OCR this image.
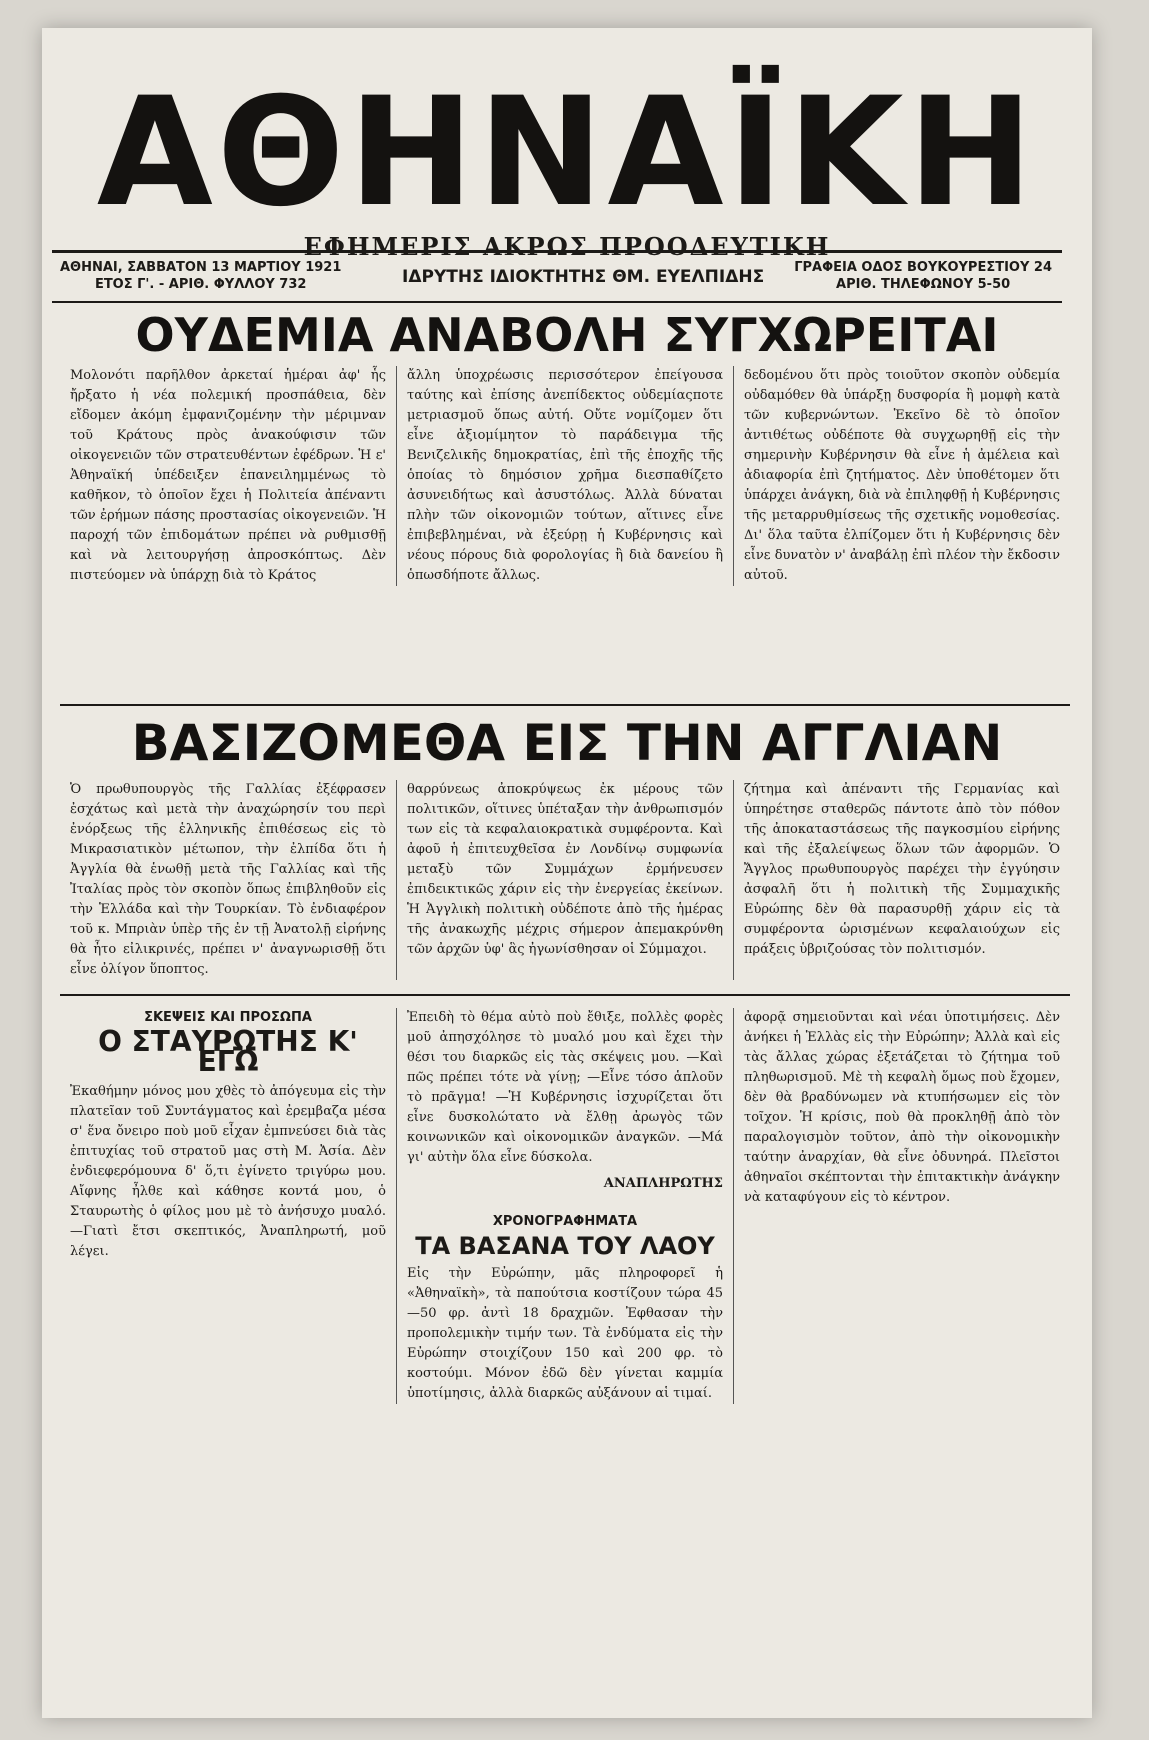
ΑΘΗΝΑΪΚΗ
ΕΦΗΜΕΡΙΣ ΑΚΡΩΣ ΠΡΟΟΔΕΥΤΙΚΗ
ΑΘΗΝΑΙ, ΣΑΒΒΑΤΟΝ 13 ΜΑΡΤΙΟΥ 1921
ΕΤΟΣ Γ'. - ΑΡΙΘ. ΦΥΛΛΟΥ 732	ΙΔΡΥΤΗΣ ΙΔΙΟΚΤΗΤΗΣ ΘΜ. ΕΥΕΛΠΙΔΗΣ ΓΡΑΦΕΙΑ ΟΔΟΣ ΒΟΥΚΟΥΡΕΣΤΙΟΥ 24
ΑΡΙΘ. ΤΗΛΕΦΩΝΟΥ 5-50
ΟΥΔΕΜΙΑ ΑΝΑΒΟΛΗ ΣΥΓΧΩΡΕΙΤΑΙ
Μολονότι παρῆλθον ἀρκεταί ἡμέραι ἀφ' ἧς ἤρξατο ἡ νέα πολεμική προσπάθεια, δὲν εἴδομεν ἀκόμη ἐμφανιζομένην τὴν μέριμναν τοῦ Κράτους πρὸς ἀνακούφισιν τῶν οἰκογενειῶν τῶν στρατευθέντων ἐφέδρων. Ἡ ε' Ἀθηναϊκή ὑπέδειξεν ἐπανειλημμένως τὸ καθῆκον, τὸ ὁποῖον ἔχει ἡ Πολιτεία ἀπέναντι τῶν ἐρήμων πάσης προστασίας οἰκογενειῶν. Ἡ παροχή τῶν ἐπιδομάτων πρέπει νὰ ρυθμισθῇ καὶ νὰ λειτουργήσῃ ἀπροσκόπτως. Δὲν πιστεύομεν νὰ ὑπάρχῃ διὰ τὸ Κράτος
ἄλλη ὑποχρέωσις περισσότερον ἐπείγουσα ταύτης καὶ ἐπίσης ἀνεπίδεκτος οὐδεμίαςποτε μετριασμοῦ ὅπως αὐτή. Οὔτε νομίζομεν ὅτι εἶνε ἀξιομίμητον τὸ παράδειγμα τῆς Βενιζελικῆς δημοκρατίας, ἐπὶ τῆς ἐποχῆς τῆς ὁποίας τὸ δημόσιον χρῆμα διεσπαθίζετο ἀσυνειδήτως καὶ ἀσυστόλως. Ἀλλὰ δύναται πλὴν τῶν οἰκονομιῶν τούτων, αἵτινες εἶνε ἐπιβεβλημέναι, νὰ ἐξεύρῃ ἡ Κυβέρνησις καὶ νέους πόρους διὰ φορολογίας ἢ διὰ δανείου ἢ ὁπωσδήποτε ἄλλως.
δεδομένου ὅτι πρὸς τοιοῦτον σκοπὸν οὐδεμία οὐδαμόθεν θὰ ὑπάρξῃ δυσφορία ἢ μομφὴ κατὰ τῶν κυβερνώντων. Ἐκεῖνο δὲ τὸ ὁποῖον ἀντιθέτως οὐδέποτε θὰ συγχωρηθῇ εἰς τὴν σημερινὴν Κυβέρνησιν θὰ εἶνε ἡ ἀμέλεια καὶ ἀδιαφορία ἐπὶ ζητήματος. Δὲν ὑποθέτομεν ὅτι ὑπάρχει ἀνάγκη, διὰ νὰ ἐπιληφθῇ ἡ Κυβέρνησις τῆς μεταρρυθμίσεως τῆς σχετικῆς νομοθεσίας. Δι' ὅλα ταῦτα ἐλπίζομεν ὅτι ἡ Κυβέρνησις δὲν εἶνε δυνατὸν ν' ἀναβάλῃ ἐπὶ πλέον τὴν ἔκδοσιν αὐτοῦ.
ΒΑΣΙΖΟΜΕΘΑ ΕΙΣ ΤΗΝ ΑΓΓΛΙΑΝ
Ὁ πρωθυπουργὸς τῆς Γαλλίας ἐξέφρασεν ἐσχάτως καὶ μετὰ τὴν ἀναχώρησίν του περὶ ἐνόρξεως τῆς ἑλληνικῆς ἐπιθέσεως εἰς τὸ Μικρασιατικὸν μέτωπον, τὴν ἐλπίδα ὅτι ἡ Ἀγγλία θὰ ἑνωθῇ μετὰ τῆς Γαλλίας καὶ τῆς Ἰταλίας πρὸς τὸν σκοπὸν ὅπως ἐπιβληθοῦν εἰς τὴν Ἑλλάδα καὶ τὴν Τουρκίαν. Τὸ ἐνδιαφέρον τοῦ κ. Μπριὰν ὑπὲρ τῆς ἐν τῇ Ἀνατολῇ εἰρήνης θὰ ἦτο εἰλικρινές, πρέπει ν' ἀναγνωρισθῇ ὅτι εἶνε ὀλίγον ὕποπτος.
θαρρύνεως ἀποκρύψεως ἐκ μέρους τῶν πολιτικῶν, οἵτινες ὑπέταξαν τὴν ἀνθρωπισμόν των εἰς τὰ κεφαλαιοκρατικὰ συμφέροντα. Καὶ ἀφοῦ ἡ ἐπιτευχθεῖσα ἐν Λονδίνῳ συμφωνία μεταξὺ τῶν Συμμάχων ἐρμήνευσεν ἐπιδεικτικῶς χάριν εἰς τὴν ἐνεργείας ἐκείνων. Ἡ Ἀγγλικὴ πολιτικὴ οὐδέποτε ἀπὸ τῆς ἡμέρας τῆς ἀνακωχῆς μέχρις σήμερον ἀπεμακρύνθη τῶν ἀρχῶν ὑφ' ἃς ἠγωνίσθησαν οἱ Σύμμαχοι.
ζήτημα καὶ ἀπέναντι τῆς Γερμανίας καὶ ὑπηρέτησε σταθερῶς πάντοτε ἀπὸ τὸν πόθον τῆς ἀποκαταστάσεως τῆς παγκοσμίου εἰρήνης καὶ τῆς ἐξαλείψεως ὅλων τῶν ἀφορμῶν. Ὁ Ἄγγλος πρωθυπουργὸς παρέχει τὴν ἐγγύησιν ἀσφαλῆ ὅτι ἡ πολιτικὴ τῆς Συμμαχικῆς Εὐρώπης δὲν θὰ παρασυρθῇ χάριν εἰς τὰ συμφέροντα ὡρισμένων κεφαλαιούχων εἰς πράξεις ὑβριζούσας τὸν πολιτισμόν.
ΣΚΕΨΕΙΣ ΚΑΙ ΠΡΟΣΩΠΑ
Ο ΣΤΑΥΡΩΤΗΣ Κ' ΕΓΩ
Ἐκαθήμην μόνος μου χθὲς τὸ ἀπόγευμα εἰς τὴν πλατεῖαν τοῦ Συντάγματος καὶ ἐρεμβαζα μέσα σ' ἕνα ὄνειρο ποὺ μοῦ εἶχαν ἐμπνεύσει διὰ τὰς ἐπιτυχίας τοῦ στρατοῦ μας στὴ Μ. Ἀσία. Δὲν ἐνδιεφερόμουνα δ' ὅ,τι ἐγίνετο τριγύρω μου. Αἴφνης ἦλθε καὶ κάθησε κοντά μου, ὁ Σταυρωτὴς ὁ φίλος μου μὲ τὸ ἀνήσυχο μυαλό. —Γιατὶ ἔτσι σκεπτικός, Ἀναπληρωτή, μοῦ λέγει.
Ἐπειδὴ τὸ θέμα αὐτὸ ποὺ ἔθιξε, πολλὲς φορὲς μοῦ ἀπησχόλησε τὸ μυαλό μου καὶ ἔχει τὴν θέσι του διαρκῶς εἰς τὰς σκέψεις μου. —Καὶ πῶς πρέπει τότε νὰ γίνῃ; —Εἶνε τόσο ἁπλοῦν τὸ πρᾶγμα! —Ἡ Κυβέρνησις ἰσχυρίζεται ὅτι εἶνε δυσκολώτατο νὰ ἔλθῃ ἀρωγὸς τῶν κοινωνικῶν καὶ οἰκονομικῶν ἀναγκῶν. —Μά γι' αὐτὴν ὅλα εἶνε δύσκολα.
ΑΝΑΠΛΗΡΩΤΗΣ
ΧΡΟΝΟΓΡΑΦΗΜΑΤΑ
ΤΑ ΒΑΣΑΝΑ ΤΟΥ ΛΑΟΥ
Εἰς τὴν Εὐρώπην, μᾶς πληροφορεῖ ἡ «Ἀθηναϊκὴ», τὰ παπούτσια κοστίζουν τώρα 45—50 φρ. ἀντὶ 18 δραχμῶν. Ἐφθασαν τὴν προπολεμικὴν τιμήν των. Τὰ ἐνδύματα εἰς τὴν Εὐρώπην στοιχίζουν 150 καὶ 200 φρ. τὸ κοστούμι. Μόνον ἐδῶ δὲν γίνεται καμμία ὑποτίμησις, ἀλλὰ διαρκῶς αὐξάνουν αἱ τιμαί.
ἀφορᾷ σημειοῦνται καὶ νέαι ὑποτιμήσεις. Δὲν ἀνήκει ἡ Ἑλλὰς εἰς τὴν Εὐρώπην; Ἀλλὰ καὶ εἰς τὰς ἄλλας χώρας ἐξετάζεται τὸ ζήτημα τοῦ πληθωρισμοῦ. Μὲ τὴ κεφαλὴ ὅμως ποὺ ἔχομεν, δὲν θὰ βραδύνωμεν νὰ κτυπήσωμεν εἰς τὸν τοῖχον. Ἡ κρίσις, ποὺ θὰ προκληθῇ ἀπὸ τὸν παραλογισμὸν τοῦτον, ἀπὸ τὴν οἰκονομικὴν ταύτην ἀναρχίαν, θὰ εἶνε ὀδυνηρά. Πλεῖστοι ἀθηναῖοι σκέπτονται τὴν ἐπιτακτικὴν ἀνάγκην νὰ καταφύγουν εἰς τὸ κέντρον.
